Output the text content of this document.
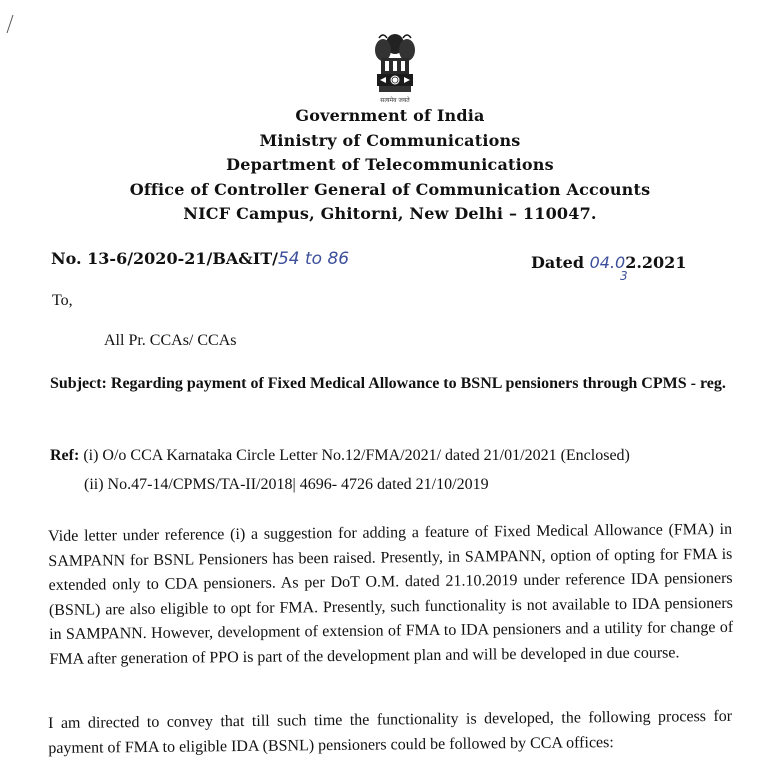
सत्यमेव जयते
Government of India
Ministry of Communications
Department of Telecommunications
Office of Controller General of Communication Accounts
NICF Campus, Ghitorni, New Delhi – 110047.
No. 13-6/2020-21/BA&IT/54 to 86	Dated 04.02.2021
3
To,
All Pr. CCAs/ CCAs
Subject: Regarding payment of Fixed Medical Allowance to BSNL pensioners through CPMS - reg.
Ref: (i) O/o CCA Karnataka Circle Letter No.12/FMA/2021/ dated 21/01/2021 (Enclosed)
(ii) No.47-14/CPMS/TA-II/2018| 4696- 4726 dated 21/10/2019
Vide letter under reference (i) a suggestion for adding a feature of Fixed Medical Allowance (FMA) in SAMPANN for BSNL Pensioners has been raised. Presently, in SAMPANN, option of opting for FMA is extended only to CDA pensioners. As per DoT O.M. dated 21.10.2019 under reference IDA pensioners (BSNL) are also eligible to opt for FMA. Presently, such functionality is not available to IDA pensioners in SAMPANN. However, development of extension of FMA to IDA pensioners and a utility for change of FMA after generation of PPO is part of the development plan and will be developed in due course.
I am directed to convey that till such time the functionality is developed, the following process for payment of FMA to eligible IDA (BSNL) pensioners could be followed by CCA offices:
